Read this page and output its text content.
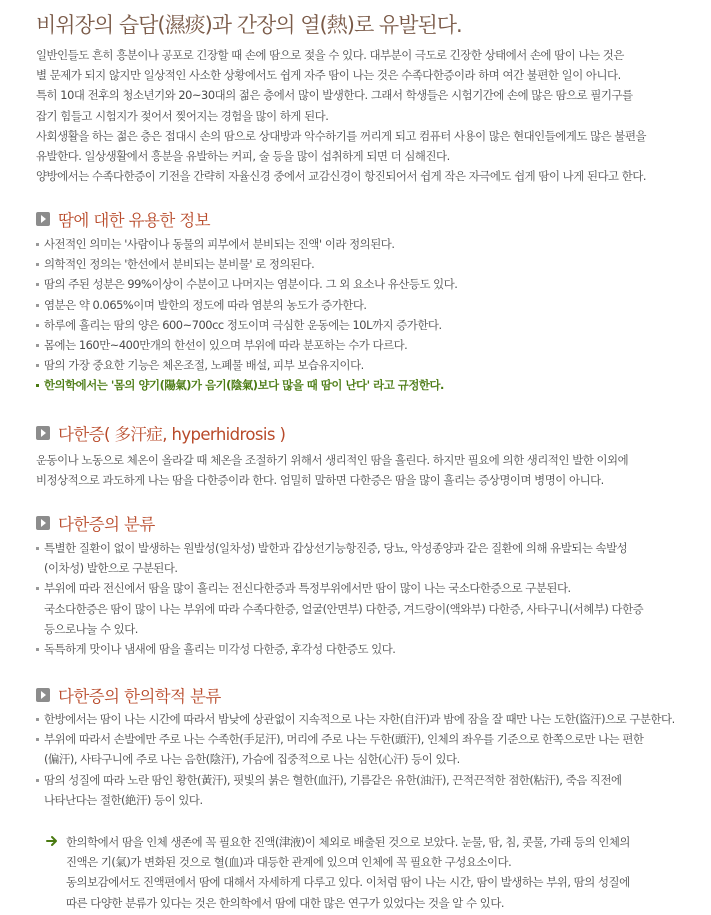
비위장의 습담(濕痰)과 간장의 열(熱)로 유발된다.
일반인들도 흔히 흥분이나 공포로 긴장할 때 손에 땀으로 젖을 수 있다. 대부분이 극도로 긴장한 상태에서 손에 땀이 나는 것은
별 문제가 되지 않지만 일상적인 사소한 상황에서도 쉽게 자주 땀이 나는 것은 수족다한증이라 하며 여간 불편한 일이 아니다.
특히 10대 전후의 청소년기와 20~30대의 젊은 층에서 많이 발생한다. 그래서 학생들은 시험기간에 손에 많은 땀으로 필기구를
잡기 힘들고 시험지가 젖어서 찢어지는 경험을 많이 하게 된다.
사회생활을 하는 젊은 층은 접대시 손의 땀으로 상대방과 악수하기를 꺼리게 되고 컴퓨터 사용이 많은 현대인들에게도 많은 불편을
유발한다. 일상생활에서 흥분을 유발하는 커피, 술 등을 많이 섭취하게 되면 더 심해진다.
양방에서는 수족다한증이 기전을 간략히 자율신경 중에서 교감신경이 항진되어서 쉽게 작은 자극에도 쉽게 땀이 나게 된다고 한다.
땀에 대한 유용한 정보
사전적인 의미는 '사람이나 동물의 피부에서 분비되는 진액' 이라 정의된다.
의학적인 정의는 '한선에서 분비되는 분비물' 로 정의된다.
땀의 주된 성분은 99%이상이 수분이고 나머지는 염분이다. 그 외 요소나 유산등도 있다.
염분은 약 0.065%이며 발한의 정도에 따라 염분의 농도가 증가한다.
하루에 흘리는 땀의 양은 600~700cc 정도이며 극심한 운동에는 10L까지 증가한다.
몸에는 160만~400만개의 한선이 있으며 부위에 따라 분포하는 수가 다르다.
땀의 가장 중요한 기능은 체온조절, 노폐물 배설, 피부 보습유지이다.
한의학에서는 '몸의 양기(陽氣)가 음기(陰氣)보다 많을 때 땀이 난다' 라고 규정한다.
다한증( 多汗症, hyperhidrosis )
운동이나 노동으로 체온이 올라갈 때 체온을 조절하기 위해서 생리적인 땀을 흘린다. 하지만 필요에 의한 생리적인 발한 이외에
비정상적으로 과도하게 나는 땀을 다한증이라 한다. 엄밀히 말하면 다한증은 땀을 많이 흘리는 증상명이며 병명이 아니다.
다한증의 분류
특별한 질환이 없이 발생하는 원발성(일차성) 발한과 갑상선기능항진증, 당뇨, 악성종양과 같은 질환에 의해 유발되는 속발성
(이차성) 발한으로 구분된다.
부위에 따라 전신에서 땀을 많이 흘리는 전신다한증과 특정부위에서만 땀이 많이 나는 국소다한증으로 구분된다.
국소다한증은 땀이 많이 나는 부위에 따라 수족다한증, 얼굴(안면부) 다한증, 겨드랑이(액와부) 다한증, 사타구니(서혜부) 다한증
등으로나눌 수 있다.
독특하게 맛이나 냄새에 땀을 흘리는 미각성 다한증, 후각성 다한증도 있다.
다한증의 한의학적 분류
한방에서는 땀이 나는 시간에 따라서 밤낮에 상관없이 지속적으로 나는 자한(自汗)과 밤에 잠을 잘 때만 나는 도한(盜汗)으로 구분한다.
부위에 따라서 손발에만 주로 나는 수족한(手足汗), 머리에 주로 나는 두한(頭汗), 인체의 좌우를 기준으로 한쪽으로만 나는 편한
(偏汗), 사타구니에 주로 나는 음한(陰汗), 가슴에 집중적으로 나는 심한(心汗) 등이 있다.
땀의 성질에 따라 노란 땀인 황한(黃汗), 핏빛의 붉은 혈한(血汗), 기름같은 유한(油汗), 끈적끈적한 점한(粘汗), 죽음 직전에
나타난다는 절한(絶汗) 등이 있다.
한의학에서 땀을 인체 생존에 꼭 필요한 진액(津液)이 체외로 배출된 것으로 보았다. 눈물, 땀, 침, 콧물, 가래 등의 인체의
진액은 기(氣)가 변화된 것으로 혈(血)과 대등한 관계에 있으며 인체에 꼭 필요한 구성요소이다.
동의보감에서도 진액편에서 땀에 대해서 자세하게 다루고 있다. 이처럼 땀이 나는 시간, 땀이 발생하는 부위, 땀의 성질에
따른 다양한 분류가 있다는 것은 한의학에서 땀에 대한 많은 연구가 있었다는 것을 알 수 있다.
